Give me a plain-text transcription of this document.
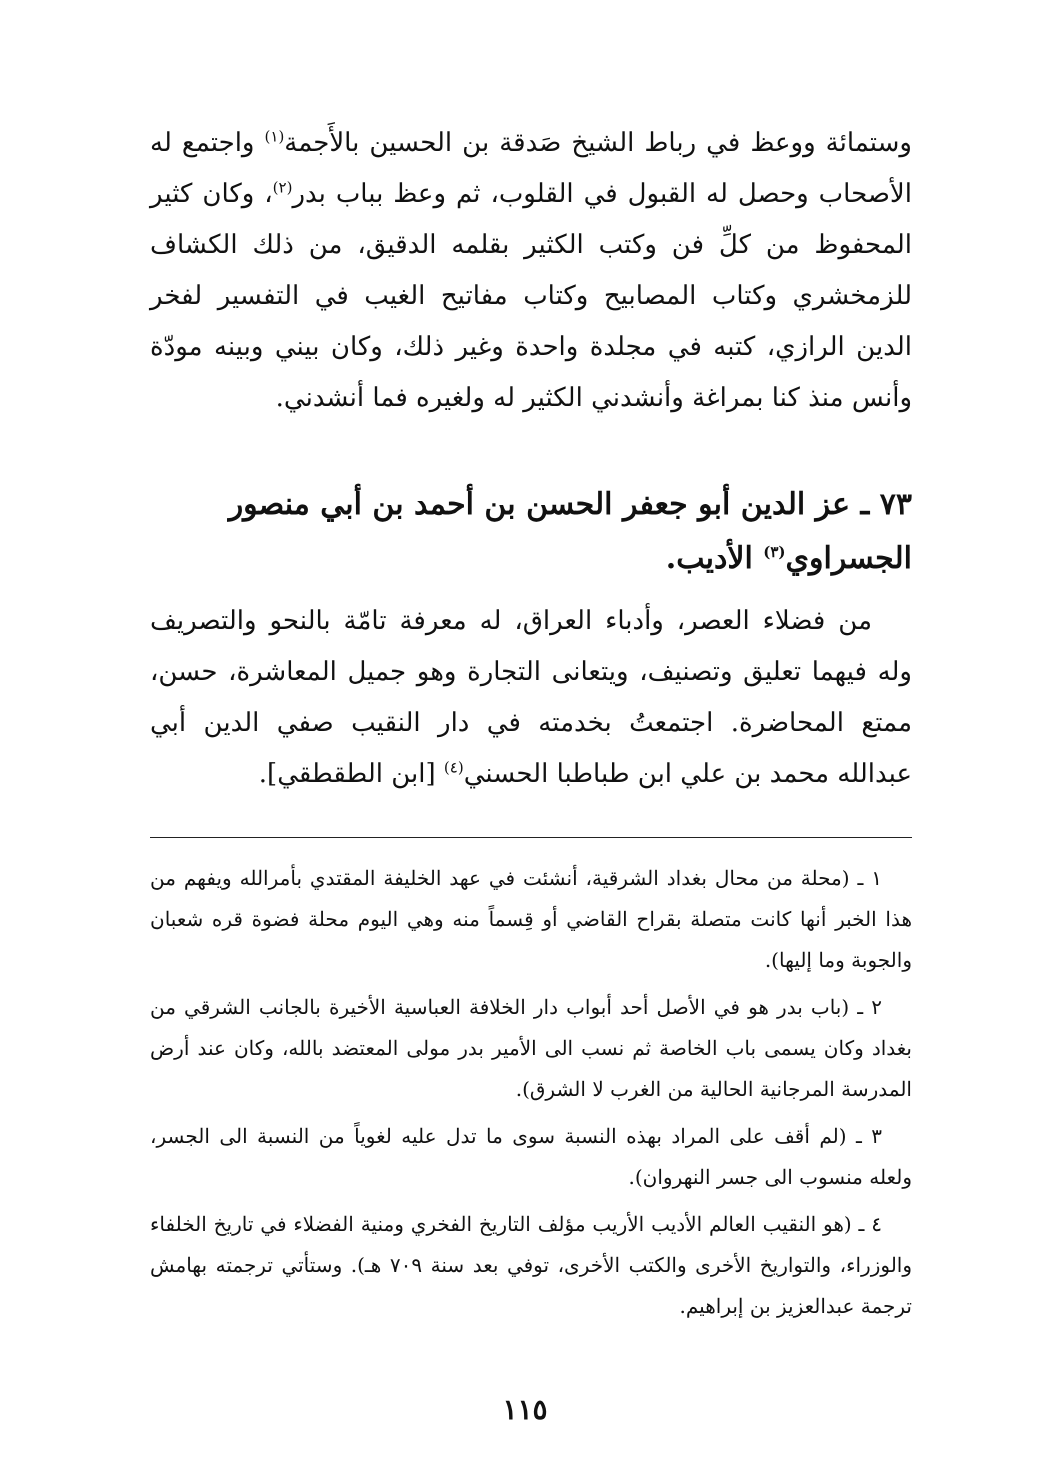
وستمائة ووعظ في رباط الشيخ صَدقة بن الحسين بالأَجمة$^{(١)}$ واجتمع له الأصحاب وحصل له القبول في القلوب، ثم وعظ بباب بدر$^{(٢)}$، وكان كثير المحفوظ من كلِّ فن وكتب الكثير بقلمه الدقيق، من ذلك الكشاف للزمخشري وكتاب المصابيح وكتاب مفاتيح الغيب في التفسير لفخر الدين الرازي، كتبه في مجلدة واحدة وغير ذلك، وكان بيني وبينه مودّة وأنس منذ كنا بمراغة وأنشدني الكثير له ولغيره فما أنشدني.

٧٣ ـ عز الدين أبو جعفر الحسن بن أحمد بن أبي منصور الجسراوي$^{(٣)}$ الأديب.

من فضلاء العصر، وأدباء العراق، له معرفة تامّة بالنحو والتصريف وله فيهما تعليق وتصنيف، ويتعانى التجارة وهو جميل المعاشرة، حسن، ممتع المحاضرة. اجتمعتُ بخدمته في دار النقيب صفي الدين أبي عبدالله محمد بن علي ابن طباطبا الحسني$^{(٤)}$ [ابن الطقطقي].

١ ـ (محلة من محال بغداد الشرقية، أنشئت في عهد الخليفة المقتدي بأمرالله ويفهم من هذا الخبر أنها كانت متصلة بقراح القاضي أو قِسماً منه وهي اليوم محلة فضوة قره شعبان والجوبة وما إليها).

٢ ـ (باب بدر هو في الأصل أحد أبواب دار الخلافة العباسية الأخيرة بالجانب الشرقي من بغداد وكان يسمى باب الخاصة ثم نسب الى الأمير بدر مولى المعتضد بالله، وكان عند أرض المدرسة المرجانية الحالية من الغرب لا الشرق).

٣ ـ (لم أقف على المراد بهذه النسبة سوى ما تدل عليه لغوياً من النسبة الى الجسر، ولعله منسوب الى جسر النهروان).

٤ ـ (هو النقيب العالم الأديب الأريب مؤلف التاريخ الفخري ومنية الفضلاء في تاريخ الخلفاء والوزراء، والتواريخ الأخرى والكتب الأخرى، توفي بعد سنة ٧٠٩ هـ). وستأتي ترجمته بهامش ترجمة عبدالعزيز بن إبراهيم.

١١٥
